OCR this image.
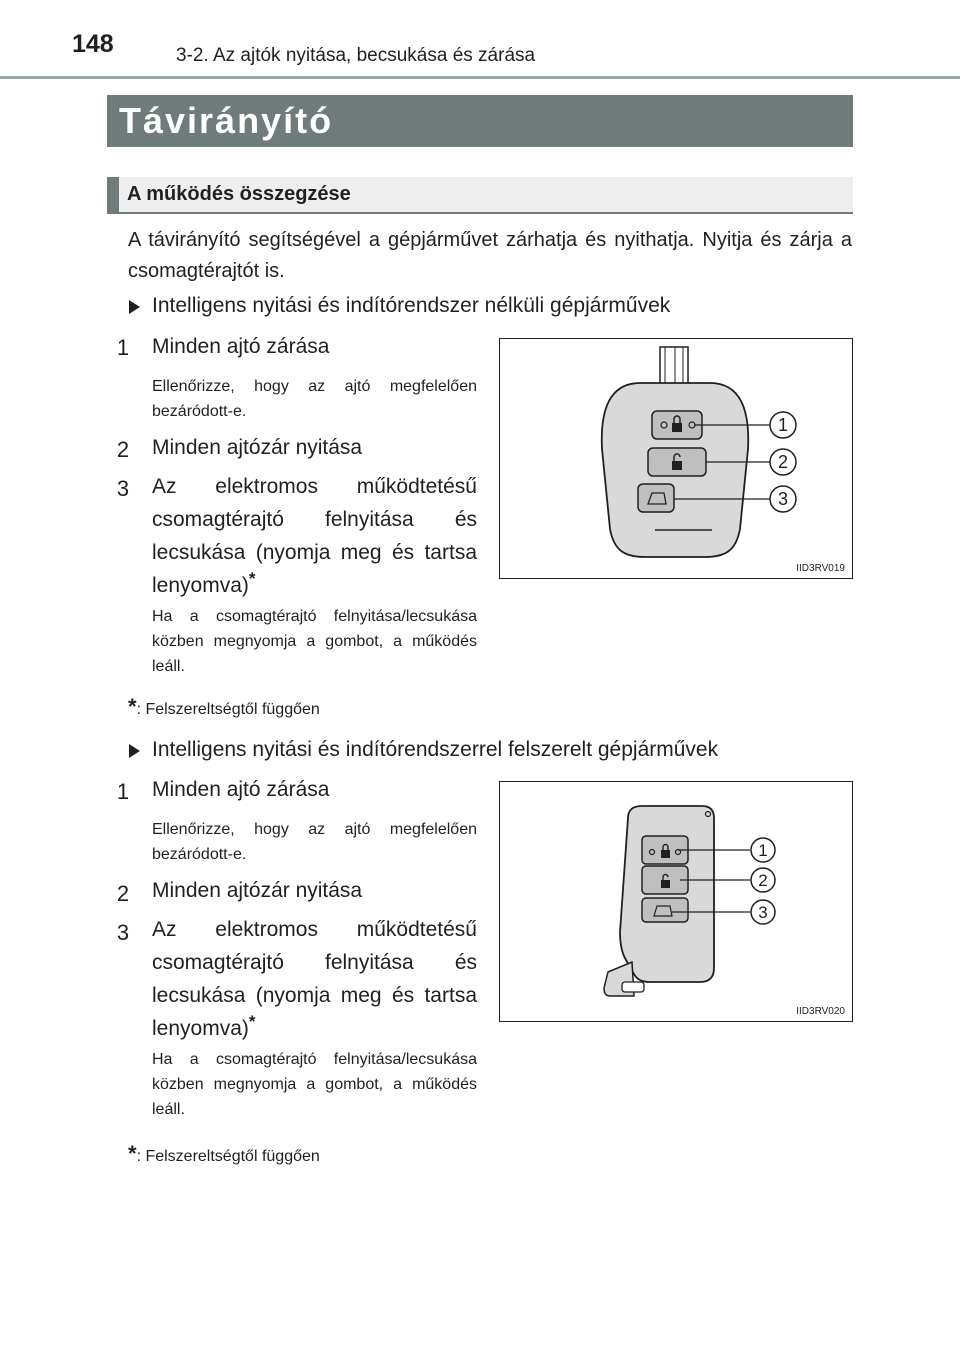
148	3-2. Az ajtók nyitása, becsukása és zárása
Távirányító
A működés összegzése
A távirányító segítségével a gépjárművet zárhatja és nyithatja. Nyitja és zárja a csomagtérajtót is.
Intelligens nyitási és indítórendszer nélküli gépjárművek
1 Minden ajtó zárása
Ellenőrizze, hogy az ajtó megfelelően bezáródott-e.
2 Minden ajtózár nyitása
3 Az elektromos működtetésű csomagtérajtó felnyitása és lecsukása (nyomja meg és tartsa lenyomva)*
Ha a csomagtérajtó felnyitása/lecsukása közben megnyomja a gombot, a működés leáll.
*: Felszereltségtől függően
1
2
3
IID3RV019
Intelligens nyitási és indítórendszerrel felszerelt gépjárművek
1 Minden ajtó zárása
Ellenőrizze, hogy az ajtó megfelelően bezáródott-e.
2 Minden ajtózár nyitása
3 Az elektromos működtetésű csomagtérajtó felnyitása és lecsukása (nyomja meg és tartsa lenyomva)*
Ha a csomagtérajtó felnyitása/lecsukása közben megnyomja a gombot, a működés leáll.
*: Felszereltségtől függően
1
2
3
IID3RV020
